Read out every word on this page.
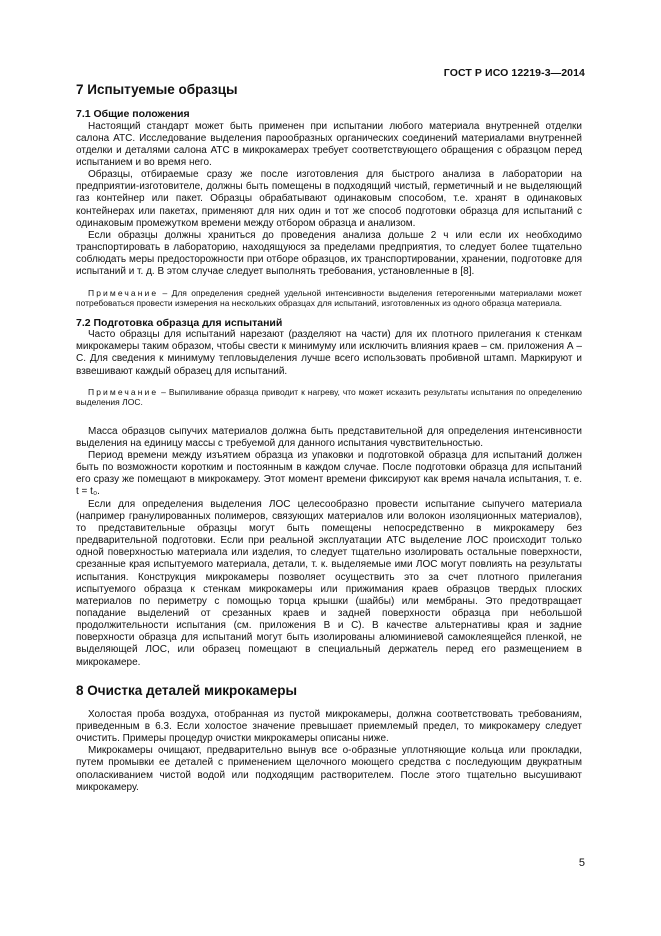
ГОСТ Р ИСО 12219-3—2014
7 Испытуемые образцы
7.1 Общие положения

Настоящий стандарт может быть применен при испытании любого материала внутренней отделки салона АТС. Исследование выделения парообразных органических соединений материалами внутренней отделки и деталями салона АТС в микрокамерах требует соответствующего обращения с образцом перед испытанием и во время него.

Образцы, отбираемые сразу же после изготовления для быстрого анализа в лаборатории на предприятии-изготовителе, должны быть помещены в подходящий чистый, герметичный и не выделяющий газ контейнер или пакет. Образцы обрабатывают одинаковым способом, т.е. хранят в одинаковых контейнерах или пакетах, применяют для них один и тот же способ подготовки образца для испытаний с одинаковым промежутком времени между отбором образца и анализом.

Если образцы должны храниться до проведения анализа дольше 2 ч или если их необходимо транспортировать в лабораторию, находящуюся за пределами предприятия, то следует более тщательно соблюдать меры предосторожности при отборе образцов, их транспортировании, хранении, подготовке для испытаний и т. д. В этом случае следует выполнять требования, установленные в [8].

Примечание – Для определения средней удельной интенсивности выделения гетерогенными материалами может потребоваться провести измерения на нескольких образцах для испытаний, изготовленных из одного образца материала.

7.2 Подготовка образца для испытаний

Часто образцы для испытаний нарезают (разделяют на части) для их плотного прилегания к стенкам микрокамеры таким образом, чтобы свести к минимуму или исключить влияния краев – см. приложения А – С. Для сведения к минимуму тепловыделения лучше всего использовать пробивной штамп. Маркируют и взвешивают каждый образец для испытаний.

Примечание – Выпиливание образца приводит к нагреву, что может исказить результаты испытания по определению выделения ЛОС.

Масса образцов сыпучих материалов должна быть представительной для определения интенсивности выделения на единицу массы с требуемой для данного испытания чувствительностью.

Период времени между изъятием образца из упаковки и подготовкой образца для испытаний должен быть по возможности коротким и постоянным в каждом случае. После подготовки образца для испытаний его сразу же помещают в микрокамеру. Этот момент времени фиксируют как время начала испытания, т. е. t = t₀.

Если для определения выделения ЛОС целесообразно провести испытание сыпучего материала (например гранулированных полимеров, связующих материалов или волокон изоляционных материалов), то представительные образцы могут быть помещены непосредственно в микрокамеру без предварительной подготовки. Если при реальной эксплуатации АТС выделение ЛОС происходит только одной поверхностью материала или изделия, то следует тщательно изолировать остальные поверхности, срезанные края испытуемого материала, детали, т. к. выделяемые ими ЛОС могут повлиять на результаты испытания. Конструкция микрокамеры позволяет осуществить это за счет плотного прилегания испытуемого образца к стенкам микрокамеры или прижимания краев образцов твердых плоских материалов по периметру с помощью торца крышки (шайбы) или мембраны. Это предотвращает попадание выделений от срезанных краев и задней поверхности образца при небольшой продолжительности испытания (см. приложения В и С). В качестве альтернативы края и задние поверхности образца для испытаний могут быть изолированы алюминиевой самоклеящейся пленкой, не выделяющей ЛОС, или образец помещают в специальный держатель перед его размещением в микрокамере.

8 Очистка деталей микрокамеры

Холостая проба воздуха, отобранная из пустой микрокамеры, должна соответствовать требованиям, приведенным в 6.3. Если холостое значение превышает приемлемый предел, то микрокамеру следует очистить. Примеры процедур очистки микрокамеры описаны ниже.

Микрокамеры очищают, предварительно вынув все о-образные уплотняющие кольца или прокладки, путем промывки ее деталей с применением щелочного моющего средства с последующим двукратным ополаскиванием чистой водой или подходящим растворителем. После этого тщательно высушивают микрокамеру.

5
